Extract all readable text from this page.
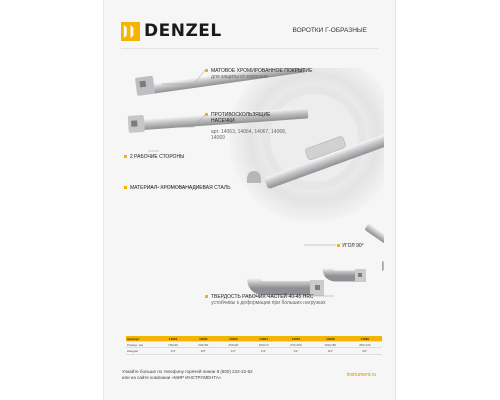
DENZEL	ВОРОТКИ Г-ОБРАЗНЫЕ
МАТОВОЕ ХРОМИРОВАННОЕ ПОКРЫТИЕ
для защиты от коррозии
ПРОТИВОСКОЛЬЗЯЩИЕ НАСЕЧКИ
арт. 14063, 14064, 14067, 14068, 14069
2 РАБОЧИЕ СТОРОНЫ
МАТЕРИАЛ- ХРОМОВАНАДИЕВАЯ СТАЛЬ
УГОЛ 90°
ТВЕРДОСТЬ РАБОЧИХ ЧАСТЕЙ 40-45 HRC
устойчивы к деформации при больших нагрузках
Артикул	14061	14062	14063	14064	14067	14068	14069
Размер, мм	150x90	200x50	250x90	300x73	270x150	300x180	450x130
Квадрат	1/4"	3/8"	1/2"	1/2"	1/2"	3/4"	3/4"
Узнайте больше по телефону горячей линии 8 (800) 222-22-62
или на сайте компании «МИР ИНСТРУМЕНТА»	instrument.ru
